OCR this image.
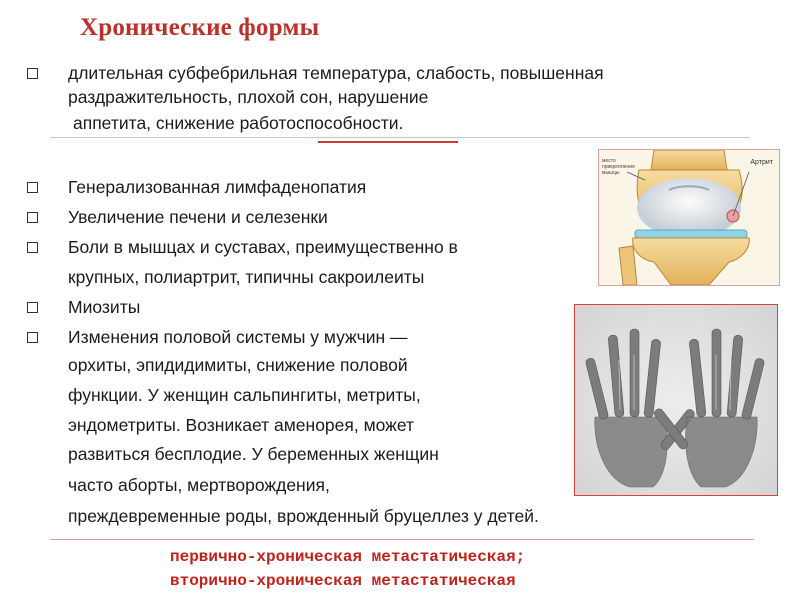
Хронические формы
длительная субфебрильная температура, слабость, повышенная
раздражительность, плохой сон, нарушение
аппетита, снижение работоспособности.
Генерализованная лимфаденопатия
Увеличение печени и селезенки
Боли в мышцах и суставах, преимущественно в
крупных, полиартрит, типичны сакроилеиты
Миозиты
Изменения половой системы у мужчин —
орхиты, эпидидимиты, снижение половой
функции. У женщин сальпингиты, метриты,
эндометриты. Возникает аменорея, может
развиться бесплодие. У беременных женщин
часто аборты, мертворождения,
место прикрепления мышцы
Артрит
преждевременные роды, врожденный бруцеллез у детей.
первично-хроническая метастатическая;
вторично-хроническая метастатическая
